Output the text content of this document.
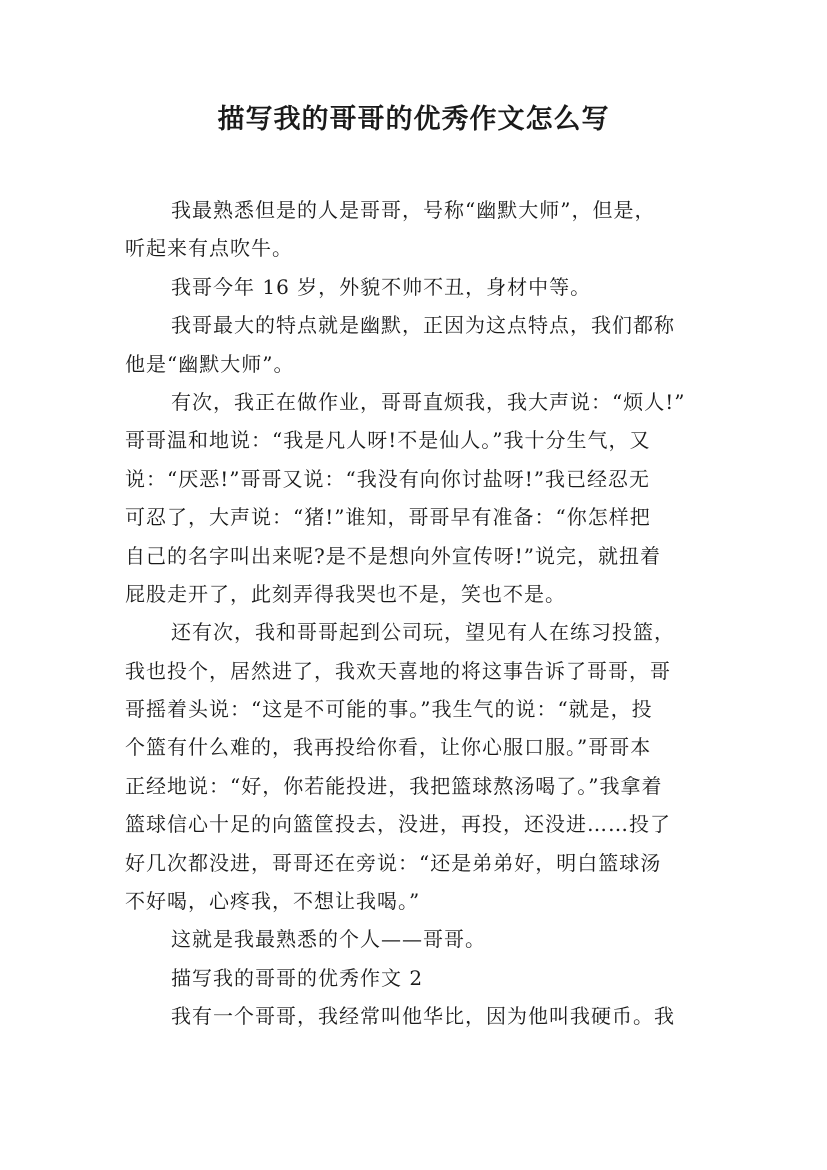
描写我的哥哥的优秀作文怎么写
我最熟悉但是的人是哥哥，号称“幽默大师”，但是，
听起来有点吹牛。
我哥今年 16 岁，外貌不帅不丑，身材中等。
我哥最大的特点就是幽默，正因为这点特点，我们都称
他是“幽默大师”。
有次，我正在做作业，哥哥直烦我，我大声说：“烦人!”
哥哥温和地说：“我是凡人呀!不是仙人。”我十分生气，又
说：“厌恶!”哥哥又说：“我没有向你讨盐呀!”我已经忍无
可忍了，大声说：“猪!”谁知，哥哥早有准备：“你怎样把
自己的名字叫出来呢?是不是想向外宣传呀!”说完，就扭着
屁股走开了，此刻弄得我哭也不是，笑也不是。
还有次，我和哥哥起到公司玩，望见有人在练习投篮，
我也投个，居然进了，我欢天喜地的将这事告诉了哥哥，哥
哥摇着头说：“这是不可能的事。”我生气的说：“就是，投
个篮有什么难的，我再投给你看，让你心服口服。”哥哥本
正经地说：“好，你若能投进，我把篮球熬汤喝了。”我拿着
篮球信心十足的向篮筐投去，没进，再投，还没进……投了
好几次都没进，哥哥还在旁说：“还是弟弟好，明白篮球汤
不好喝，心疼我，不想让我喝。”
这就是我最熟悉的个人——哥哥。
描写我的哥哥的优秀作文 2
我有一个哥哥，我经常叫他华比，因为他叫我硬币。我
